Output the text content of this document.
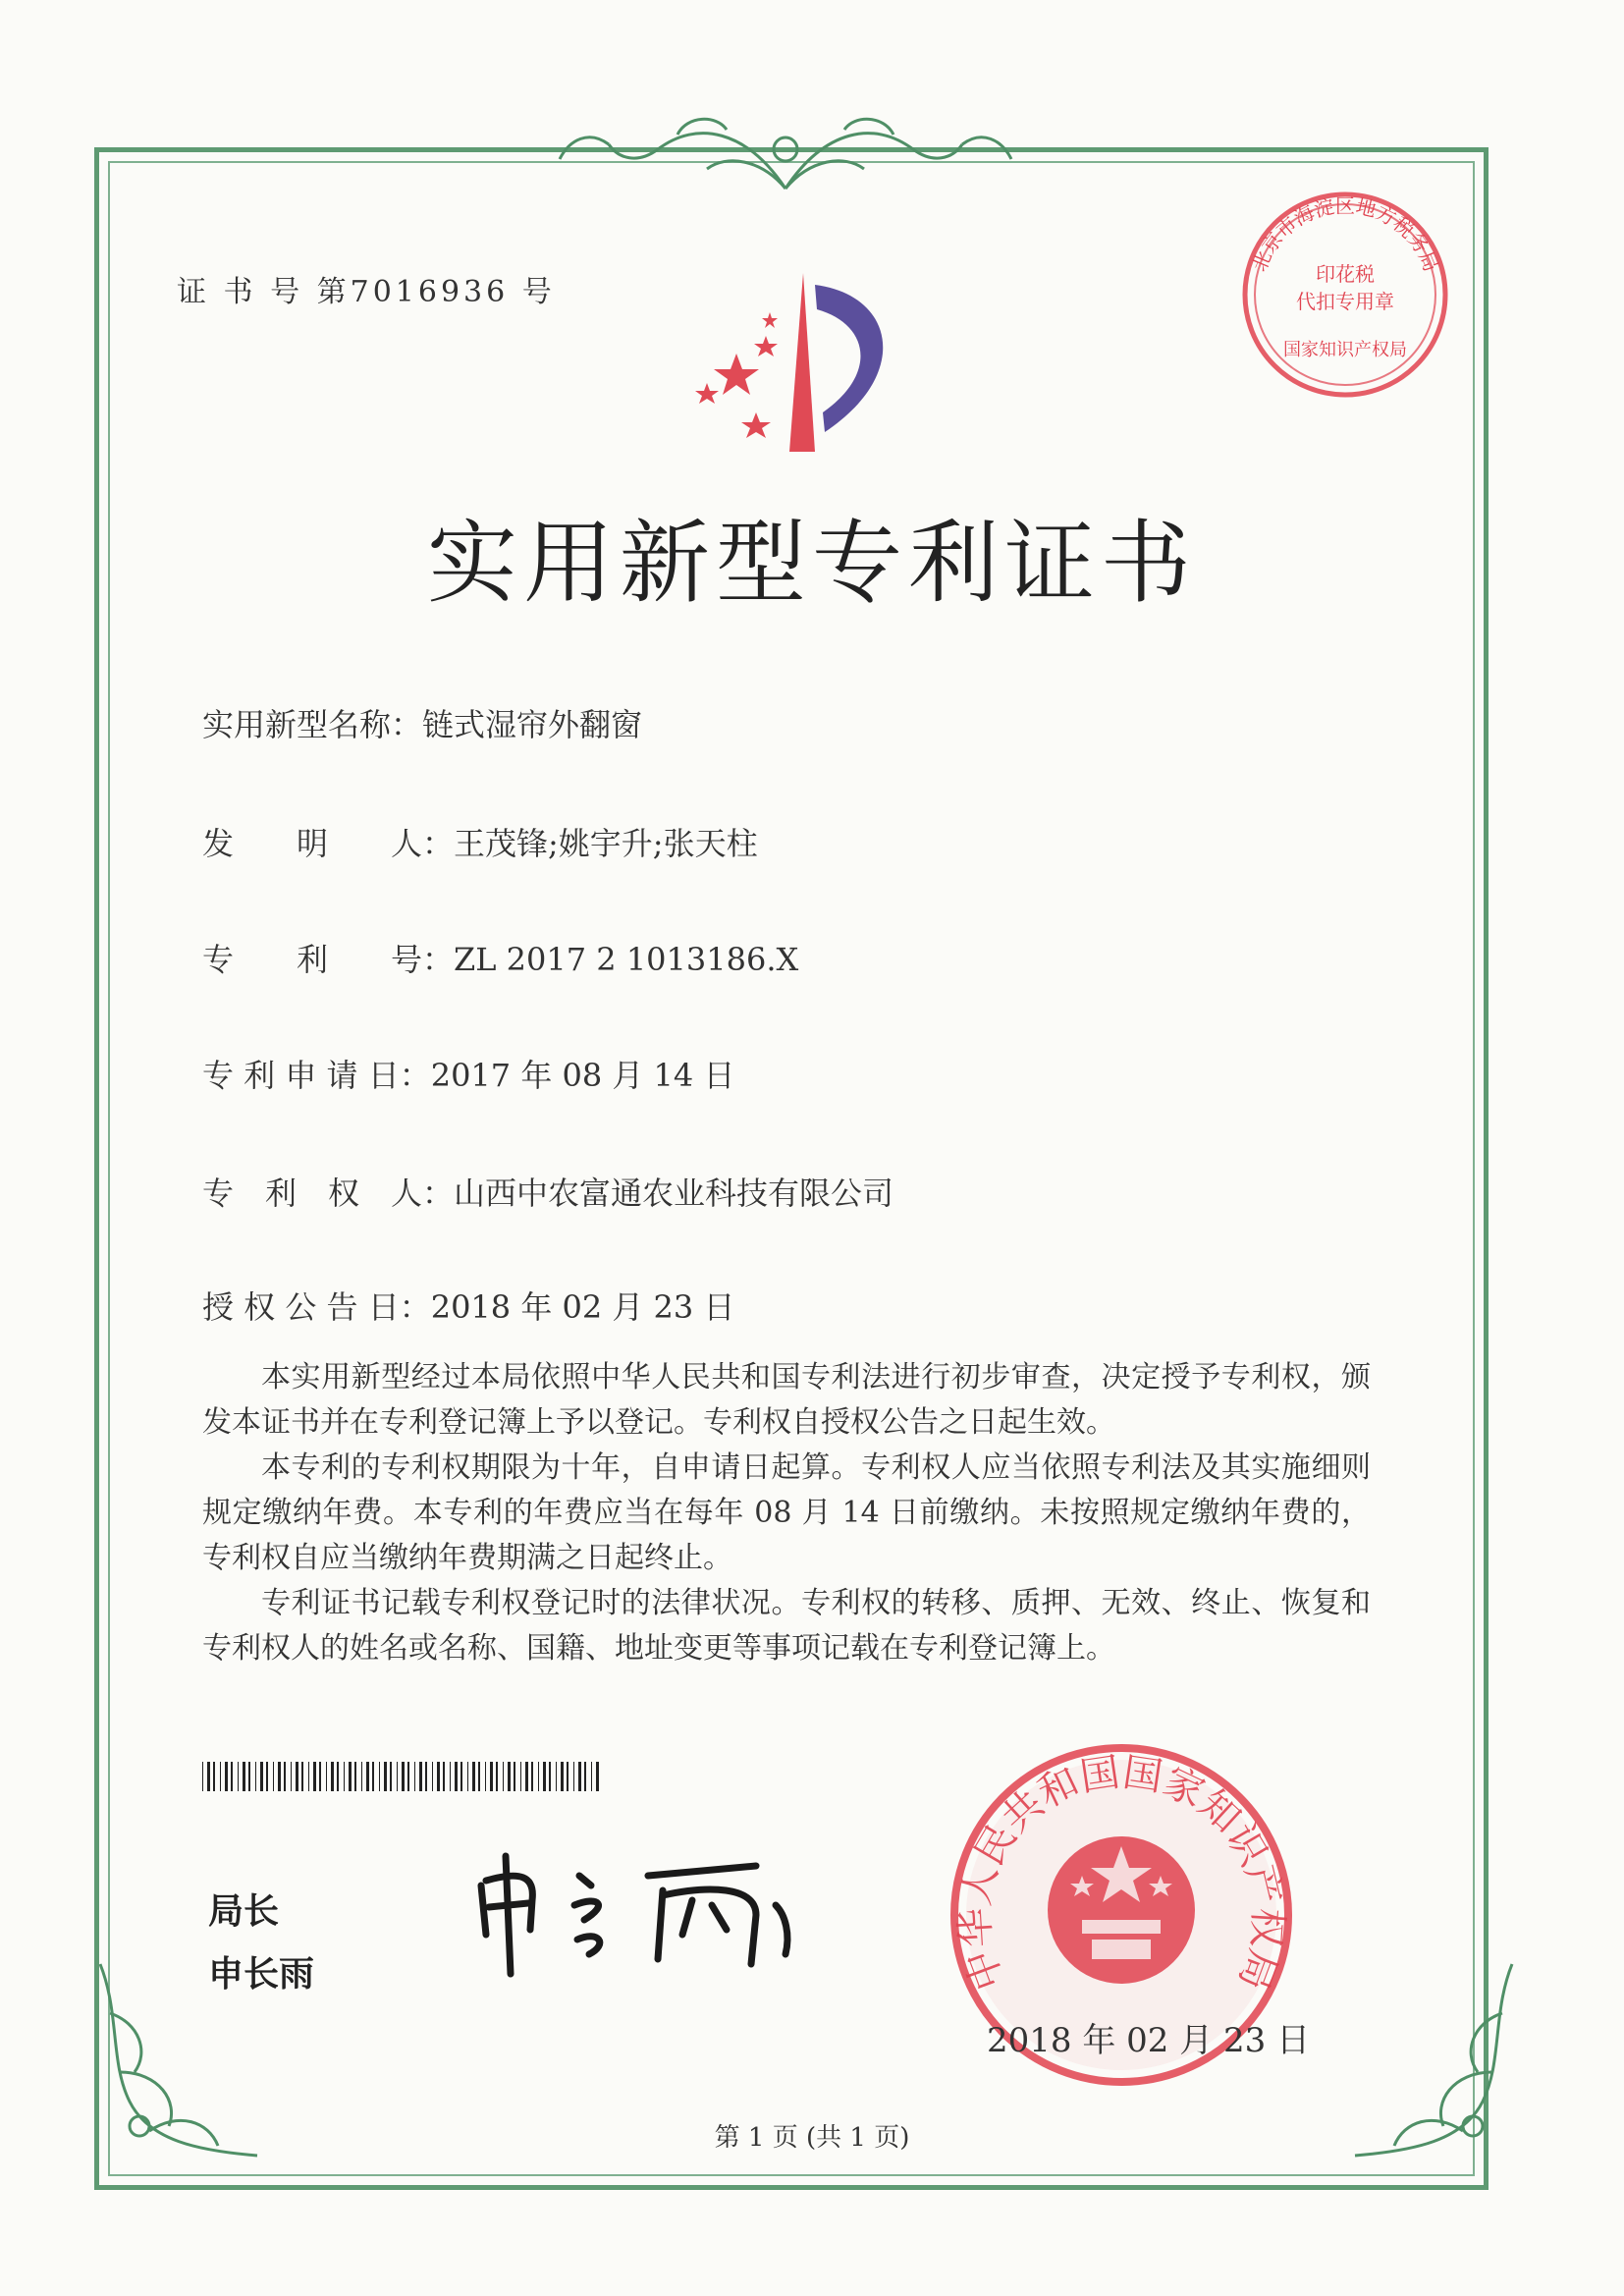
证 书 号 第7016936 号
实用新型专利证书
实用新型名称：链式湿帘外翻窗
发　　明　　人：王茂锋;姚宇升;张天柱
专　　利　　号：ZL 2017 2 1013186.X
专 利 申 请 日：2017 年 08 月 14 日
专　利　权　人：山西中农富通农业科技有限公司
授 权 公 告 日：2018 年 02 月 23 日

本实用新型经过本局依照中华人民共和国专利法进行初步审查，决定授予专利权，颁发本证书并在专利登记簿上予以登记。专利权自授权公告之日起生效。

本专利的专利权期限为十年，自申请日起算。专利权人应当依照专利法及其实施细则规定缴纳年费。本专利的年费应当在每年 08 月 14 日前缴纳。未按照规定缴纳年费的，专利权自应当缴纳年费期满之日起终止。

专利证书记载专利权登记时的法律状况。专利权的转移、质押、无效、终止、恢复和专利权人的姓名或名称、国籍、地址变更等事项记载在专利登记簿上。

局长
申长雨	中华人民共和国国家知识产权局
北京市海淀区地方税务局
印花税
代扣专用章
国家知识产权局
2018 年 02 月 23 日
第 1 页 (共 1 页)
